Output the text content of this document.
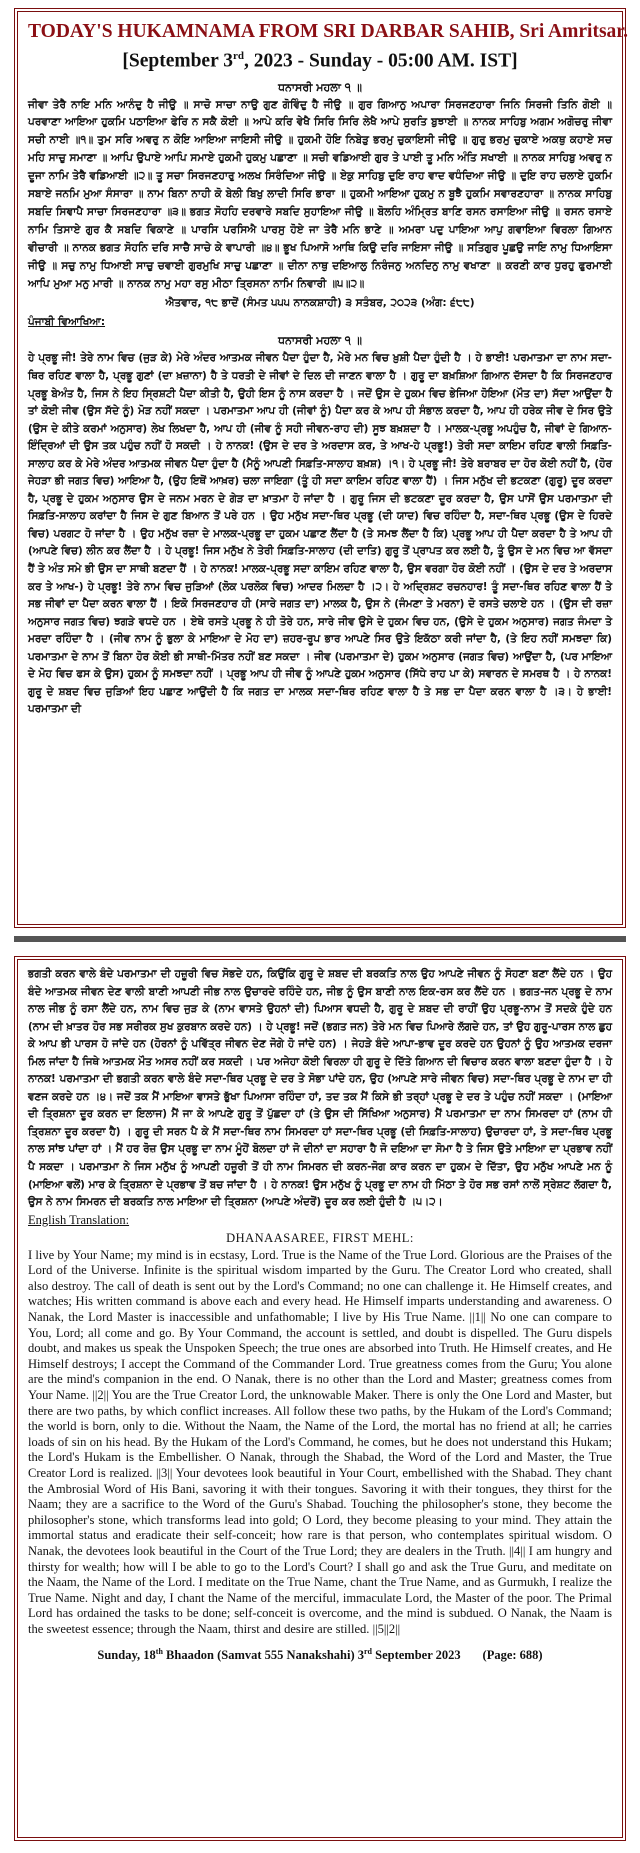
TODAY'S HUKAMNAMA FROM SRI DARBAR SAHIB, Sri Amritsar.
[September 3rd, 2023 - Sunday - 05:00 AM. IST]
ਧਨਾਸਰੀ ਮਹਲਾ ੧ ॥

ਜੀਵਾ ਤੇਰੈ ਨਾਇ ਮਨਿ ਆਨੰਦੁ ਹੈ ਜੀਉ ॥ ਸਾਚੋ ਸਾਚਾ ਨਾਉ ਗੁਣ ਗੋਵਿੰਦੁ ਹੈ ਜੀਉ ॥ ਗੁਰ ਗਿਆਨੁ ਅਪਾਰਾ ਸਿਰਜਣਹਾਰਾ ਜਿਨਿ ਸਿਰਜੀ ਤਿਨਿ ਗੋਈ ॥ ਪਰਵਾਣਾ ਆਇਆ ਹੁਕਮਿ ਪਠਾਇਆ ਫੇਰਿ ਨ ਸਕੈ ਕੋਈ ॥ ਆਪੇ ਕਰਿ ਵੇਖੈ ਸਿਰਿ ਸਿਰਿ ਲੇਖੈ ਆਪੇ ਸੁਰਤਿ ਬੁਝਾਈ ॥ ਨਾਨਕ ਸਾਹਿਬੁ ਅਗਮ ਅਗੋਚਰੁ ਜੀਵਾ ਸਚੀ ਨਾਈ ॥੧॥ ਤੁਮ ਸਰਿ ਅਵਰੁ ਨ ਕੋਇ ਆਇਆ ਜਾਇਸੀ ਜੀਉ ॥ ਹੁਕਮੀ ਹੋਇ ਨਿਬੇੜੁ ਭਰਮੁ ਚੁਕਾਇਸੀ ਜੀਉ ॥ ਗੁਰੁ ਭਰਮੁ ਚੁਕਾਏ ਅਕਥੁ ਕਹਾਏ ਸਚ ਮਹਿ ਸਾਚੁ ਸਮਾਣਾ ॥ ਆਪਿ ਉਪਾਏ ਆਪਿ ਸਮਾਏ ਹੁਕਮੀ ਹੁਕਮੁ ਪਛਾਣਾ ॥ ਸਚੀ ਵਡਿਆਈ ਗੁਰ ਤੇ ਪਾਈ ਤੂ ਮਨਿ ਅੰਤਿ ਸਖਾਈ ॥ ਨਾਨਕ ਸਾਹਿਬੁ ਅਵਰੁ ਨ ਦੂਜਾ ਨਾਮਿ ਤੇਰੈ ਵਡਿਆਈ ॥੨॥ ਤੂ ਸਚਾ ਸਿਰਜਣਹਾਰੁ ਅਲਖ ਸਿਰੰਦਿਆ ਜੀਉ ॥ ਏਕੁ ਸਾਹਿਬੁ ਦੁਇ ਰਾਹ ਵਾਦ ਵਧੰਦਿਆ ਜੀਉ ॥ ਦੁਇ ਰਾਹ ਚਲਾਏ ਹੁਕਮਿ ਸਬਾਏ ਜਨਮਿ ਮੁਆ ਸੰਸਾਰਾ ॥ ਨਾਮ ਬਿਨਾ ਨਾਹੀ ਕੋ ਬੇਲੀ ਬਿਖੁ ਲਾਦੀ ਸਿਰਿ ਭਾਰਾ ॥ ਹੁਕਮੀ ਆਇਆ ਹੁਕਮੁ ਨ ਬੂਝੈ ਹੁਕਮਿ ਸਵਾਰਣਹਾਰਾ ॥ ਨਾਨਕ ਸਾਹਿਬੁ ਸਬਦਿ ਸਿਞਾਪੈ ਸਾਚਾ ਸਿਰਜਣਹਾਰਾ ॥੩॥ ਭਗਤ ਸੋਹਹਿ ਦਰਵਾਰੇ ਸਬਦਿ ਸੁਹਾਇਆ ਜੀਉ ॥ ਬੋਲਹਿ ਅੰਮ੍ਰਿਤ ਬਾਣਿ ਰਸਨ ਰਸਾਇਆ ਜੀਉ ॥ ਰਸਨ ਰਸਾਏ ਨਾਮਿ ਤਿਸਾਏ ਗੁਰ ਕੈ ਸਬਦਿ ਵਿਕਾਣੇ ॥ ਪਾਰਸਿ ਪਰਸਿਐ ਪਾਰਸੁ ਹੋਏ ਜਾ ਤੇਰੈ ਮਨਿ ਭਾਣੇ ॥ ਅਮਰਾ ਪਦੁ ਪਾਇਆ ਆਪੁ ਗਵਾਇਆ ਵਿਰਲਾ ਗਿਆਨ ਵੀਚਾਰੀ ॥ ਨਾਨਕ ਭਗਤ ਸੋਹਨਿ ਦਰਿ ਸਾਚੈ ਸਾਚੇ ਕੇ ਵਾਪਾਰੀ ॥੪॥ ਭੂਖ ਪਿਆਸੋ ਆਥਿ ਕਿਉ ਦਰਿ ਜਾਇਸਾ ਜੀਉ ॥ ਸਤਿਗੁਰ ਪੂਛਉ ਜਾਇ ਨਾਮੁ ਧਿਆਇਸਾ ਜੀਉ ॥ ਸਚੁ ਨਾਮੁ ਧਿਆਈ ਸਾਚੁ ਚਵਾਈ ਗੁਰਮੁਖਿ ਸਾਚੁ ਪਛਾਣਾ ॥ ਦੀਨਾ ਨਾਥੁ ਦਇਆਲੁ ਨਿਰੰਜਨੁ ਅਨਦਿਨੁ ਨਾਮੁ ਵਖਾਣਾ ॥ ਕਰਣੀ ਕਾਰ ਧੁਰਹੁ ਫੁਰਮਾਈ ਆਪਿ ਮੁਆ ਮਨੁ ਮਾਰੀ ॥ ਨਾਨਕ ਨਾਮੁ ਮਹਾ ਰਸੁ ਮੀਠਾ ਤ੍ਰਿਸਨਾ ਨਾਮਿ ਨਿਵਾਰੀ ॥੫॥੨॥

ਐਤਵਾਰ, ੧੮ ਭਾਦੋਂ (ਸੰਮਤ ੫੫੫ ਨਾਨਕਸ਼ਾਹੀ) ੩ ਸਤੰਬਰ, ੨੦੨੩ (ਅੰਗ: ੬੮੮)

ਪੰਜਾਬੀ ਵਿਆਖਿਆ:

ਧਨਾਸਰੀ ਮਹਲਾ ੧ ॥

ਹੇ ਪ੍ਰਭੂ ਜੀ! ਤੇਰੇ ਨਾਮ ਵਿਚ (ਜੁੜ ਕੇ) ਮੇਰੇ ਅੰਦਰ ਆਤਮਕ ਜੀਵਨ ਪੈਦਾ ਹੁੰਦਾ ਹੈ, ਮੇਰੇ ਮਨ ਵਿਚ ਖ਼ੁਸ਼ੀ ਪੈਦਾ ਹੁੰਦੀ ਹੈ । ਹੇ ਭਾਈ! ਪਰਮਾਤਮਾ ਦਾ ਨਾਮ ਸਦਾ-ਥਿਰ ਰਹਿਣ ਵਾਲਾ ਹੈ, ਪ੍ਰਭੂ ਗੁਣਾਂ (ਦਾ ਖ਼ਜ਼ਾਨਾ) ਹੈ ਤੇ ਧਰਤੀ ਦੇ ਜੀਵਾਂ ਦੇ ਦਿਲ ਦੀ ਜਾਣਨ ਵਾਲਾ ਹੈ । ਗੁਰੂ ਦਾ ਬਖ਼ਸ਼ਿਆ ਗਿਆਨ ਦੱਸਦਾ ਹੈ ਕਿ ਸਿਰਜਣਹਾਰ ਪ੍ਰਭੂ ਬੇਅੰਤ ਹੈ, ਜਿਸ ਨੇ ਇਹ ਸ੍ਰਿਸ਼ਟੀ ਪੈਦਾ ਕੀਤੀ ਹੈ, ਉਹੀ ਇਸ ਨੂੰ ਨਾਸ ਕਰਦਾ ਹੈ । ਜਦੋਂ ਉਸ ਦੇ ਹੁਕਮ ਵਿਚ ਭੇਜਿਆ ਹੋਇਆ (ਮੌਤ ਦਾ) ਸੱਦਾ ਆਉਂਦਾ ਹੈ ਤਾਂ ਕੋਈ ਜੀਵ (ਉਸ ਸੱਦੇ ਨੂੰ) ਮੋੜ ਨਹੀਂ ਸਕਦਾ । ਪਰਮਾਤਮਾ ਆਪ ਹੀ (ਜੀਵਾਂ ਨੂੰ) ਪੈਦਾ ਕਰ ਕੇ ਆਪ ਹੀ ਸੰਭਾਲ ਕਰਦਾ ਹੈ, ਆਪ ਹੀ ਹਰੇਕ ਜੀਵ ਦੇ ਸਿਰ ਉਤੇ (ਉਸ ਦੇ ਕੀਤੇ ਕਰਮਾਂ ਅਨੁਸਾਰ) ਲੇਖ ਲਿਖਦਾ ਹੈ, ਆਪ ਹੀ (ਜੀਵ ਨੂੰ ਸਹੀ ਜੀਵਨ-ਰਾਹ ਦੀ) ਸੂਝ ਬਖ਼ਸ਼ਦਾ ਹੈ । ਮਾਲਕ-ਪ੍ਰਭੂ ਅਪਹੁੰਚ ਹੈ, ਜੀਵਾਂ ਦੇ ਗਿਆਨ-ਇੰਦ੍ਰਿਆਂ ਦੀ ਉਸ ਤਕ ਪਹੁੰਚ ਨਹੀਂ ਹੋ ਸਕਦੀ । ਹੇ ਨਾਨਕ! (ਉਸ ਦੇ ਦਰ ਤੇ ਅਰਦਾਸ ਕਰ, ਤੇ ਆਖ-ਹੇ ਪ੍ਰਭੂ!) ਤੇਰੀ ਸਦਾ ਕਾਇਮ ਰਹਿਣ ਵਾਲੀ ਸਿਫ਼ਤਿ-ਸਾਲਾਹ ਕਰ ਕੇ ਮੇਰੇ ਅੰਦਰ ਆਤਮਕ ਜੀਵਨ ਪੈਦਾ ਹੁੰਦਾ ਹੈ (ਮੈਨੂੰ ਆਪਣੀ ਸਿਫ਼ਤਿ-ਸਾਲਾਹ ਬਖ਼ਸ਼) ।੧। ਹੇ ਪ੍ਰਭੂ ਜੀ! ਤੇਰੇ ਬਰਾਬਰ ਦਾ ਹੋਰ ਕੋਈ ਨਹੀਂ ਹੈ, (ਹੋਰ ਜੇਹੜਾ ਭੀ ਜਗਤ ਵਿਚ) ਆਇਆ ਹੈ, (ਉਹ ਇਥੋਂ ਆਖ਼ਰ) ਚਲਾ ਜਾਇਗਾ (ਤੂੰ ਹੀ ਸਦਾ ਕਾਇਮ ਰਹਿਣ ਵਾਲਾ ਹੈਂ) । ਜਿਸ ਮਨੁੱਖ ਦੀ ਭਟਕਣਾ (ਗੁਰੂ) ਦੂਰ ਕਰਦਾ ਹੈ, ਪ੍ਰਭੂ ਦੇ ਹੁਕਮ ਅਨੁਸਾਰ ਉਸ ਦੇ ਜਨਮ ਮਰਨ ਦੇ ਗੇੜ ਦਾ ਖ਼ਾਤਮਾ ਹੋ ਜਾਂਦਾ ਹੈ । ਗੁਰੂ ਜਿਸ ਦੀ ਭਟਕਣਾ ਦੂਰ ਕਰਦਾ ਹੈ, ਉਸ ਪਾਸੋਂ ਉਸ ਪਰਮਾਤਮਾ ਦੀ ਸਿਫ਼ਤਿ-ਸਾਲਾਹ ਕਰਾਂਦਾ ਹੈ ਜਿਸ ਦੇ ਗੁਣ ਬਿਆਨ ਤੋਂ ਪਰੇ ਹਨ । ਉਹ ਮਨੁੱਖ ਸਦਾ-ਥਿਰ ਪ੍ਰਭੂ (ਦੀ ਯਾਦ) ਵਿਚ ਰਹਿੰਦਾ ਹੈ, ਸਦਾ-ਥਿਰ ਪ੍ਰਭੂ (ਉਸ ਦੇ ਹਿਰਦੇ ਵਿਚ) ਪਰਗਟ ਹੋ ਜਾਂਦਾ ਹੈ । ਉਹ ਮਨੁੱਖ ਰਜ਼ਾ ਦੇ ਮਾਲਕ-ਪ੍ਰਭੂ ਦਾ ਹੁਕਮ ਪਛਾਣ ਲੈਂਦਾ ਹੈ (ਤੇ ਸਮਝ ਲੈਂਦਾ ਹੈ ਕਿ) ਪ੍ਰਭੂ ਆਪ ਹੀ ਪੈਦਾ ਕਰਦਾ ਹੈ ਤੇ ਆਪ ਹੀ (ਆਪਣੇ ਵਿਚ) ਲੀਨ ਕਰ ਲੈਂਦਾ ਹੈ । ਹੇ ਪ੍ਰਭੂ! ਜਿਸ ਮਨੁੱਖ ਨੇ ਤੇਰੀ ਸਿਫ਼ਤਿ-ਸਾਲਾਹ (ਦੀ ਦਾਤਿ) ਗੁਰੂ ਤੋਂ ਪ੍ਰਾਪਤ ਕਰ ਲਈ ਹੈ, ਤੂੰ ਉਸ ਦੇ ਮਨ ਵਿਚ ਆ ਵੱਸਦਾ ਹੈਂ ਤੇ ਅੰਤ ਸਮੇ ਭੀ ਉਸ ਦਾ ਸਾਥੀ ਬਣਦਾ ਹੈਂ । ਹੇ ਨਾਨਕ! ਮਾਲਕ-ਪ੍ਰਭੂ ਸਦਾ ਕਾਇਮ ਰਹਿਣ ਵਾਲਾ ਹੈ, ਉਸ ਵਰਗਾ ਹੋਰ ਕੋਈ ਨਹੀਂ । (ਉਸ ਦੇ ਦਰ ਤੇ ਅਰਦਾਸ ਕਰ ਤੇ ਆਖ-) ਹੇ ਪ੍ਰਭੂ! ਤੇਰੇ ਨਾਮ ਵਿਚ ਜੁੜਿਆਂ (ਲੋਕ ਪਰਲੋਕ ਵਿਚ) ਆਦਰ ਮਿਲਦਾ ਹੈ ।੨। ਹੇ ਅਦ੍ਰਿਸ਼ਟ ਰਚਨਹਾਰ! ਤੂੰ ਸਦਾ-ਥਿਰ ਰਹਿਣ ਵਾਲਾ ਹੈਂ ਤੇ ਸਭ ਜੀਵਾਂ ਦਾ ਪੈਦਾ ਕਰਨ ਵਾਲਾ ਹੈਂ । ਇਕੋ ਸਿਰਜਣਹਾਰ ਹੀ (ਸਾਰੇ ਜਗਤ ਦਾ) ਮਾਲਕ ਹੈ, ਉਸ ਨੇ (ਜੰਮਣਾ ਤੇ ਮਰਨਾ) ਦੋ ਰਸਤੇ ਚਲਾਏ ਹਨ । (ਉਸ ਦੀ ਰਜ਼ਾ ਅਨੁਸਾਰ ਜਗਤ ਵਿਚ) ਝਗੜੇ ਵਧਦੇ ਹਨ । ਏਥੇ ਰਸਤੇ ਪ੍ਰਭੂ ਨੇ ਹੀ ਤੋਰੇ ਹਨ, ਸਾਰੇ ਜੀਵ ਉਸੇ ਦੇ ਹੁਕਮ ਵਿਚ ਹਨ, (ਉਸੇ ਦੇ ਹੁਕਮ ਅਨੁਸਾਰ) ਜਗਤ ਜੰਮਦਾ ਤੇ ਮਰਦਾ ਰਹਿੰਦਾ ਹੈ । (ਜੀਵ ਨਾਮ ਨੂੰ ਭੁਲਾ ਕੇ ਮਾਇਆ ਦੇ ਮੋਹ ਦਾ) ਜ਼ਹਰ-ਰੂਪ ਭਾਰ ਆਪਣੇ ਸਿਰ ਉਤੇ ਇਕੱਠਾ ਕਰੀ ਜਾਂਦਾ ਹੈ, (ਤੇ ਇਹ ਨਹੀਂ ਸਮਝਦਾ ਕਿ) ਪਰਮਾਤਮਾ ਦੇ ਨਾਮ ਤੋਂ ਬਿਨਾ ਹੋਰ ਕੋਈ ਭੀ ਸਾਥੀ-ਮਿੱਤਰ ਨਹੀਂ ਬਣ ਸਕਦਾ । ਜੀਵ (ਪਰਮਾਤਮਾ ਦੇ) ਹੁਕਮ ਅਨੁਸਾਰ (ਜਗਤ ਵਿਚ) ਆਉਂਦਾ ਹੈ, (ਪਰ ਮਾਇਆ ਦੇ ਮੋਹ ਵਿਚ ਫਸ ਕੇ ਉਸ) ਹੁਕਮ ਨੂੰ ਸਮਝਦਾ ਨਹੀਂ । ਪ੍ਰਭੂ ਆਪ ਹੀ ਜੀਵ ਨੂੰ ਆਪਣੇ ਹੁਕਮ ਅਨੁਸਾਰ (ਸਿੱਧੇ ਰਾਹ ਪਾ ਕੇ) ਸਵਾਰਨ ਦੇ ਸਮਰਥ ਹੈ । ਹੇ ਨਾਨਕ! ਗੁਰੂ ਦੇ ਸ਼ਬਦ ਵਿਚ ਜੁੜਿਆਂ ਇਹ ਪਛਾਣ ਆਉਂਦੀ ਹੈ ਕਿ ਜਗਤ ਦਾ ਮਾਲਕ ਸਦਾ-ਥਿਰ ਰਹਿਣ ਵਾਲਾ ਹੈ ਤੇ ਸਭ ਦਾ ਪੈਦਾ ਕਰਨ ਵਾਲਾ ਹੈ ।੩। ਹੇ ਭਾਈ! ਪਰਮਾਤਮਾ ਦੀ

ਭਗਤੀ ਕਰਨ ਵਾਲੇ ਬੰਦੇ ਪਰਮਾਤਮਾ ਦੀ ਹਜ਼ੂਰੀ ਵਿਚ ਸੋਭਦੇ ਹਨ, ਕਿਉਂਕਿ ਗੁਰੂ ਦੇ ਸ਼ਬਦ ਦੀ ਬਰਕਤਿ ਨਾਲ ਉਹ ਆਪਣੇ ਜੀਵਨ ਨੂੰ ਸੋਹਣਾ ਬਣਾ ਲੈਂਦੇ ਹਨ । ਉਹ ਬੰਦੇ ਆਤਮਕ ਜੀਵਨ ਦੇਣ ਵਾਲੀ ਬਾਣੀ ਆਪਣੀ ਜੀਭ ਨਾਲ ਉਚਾਰਦੇ ਰਹਿੰਦੇ ਹਨ, ਜੀਭ ਨੂੰ ਉਸ ਬਾਣੀ ਨਾਲ ਇਕ-ਰਸ ਕਰ ਲੈਂਦੇ ਹਨ । ਭਗਤ-ਜਨ ਪ੍ਰਭੂ ਦੇ ਨਾਮ ਨਾਲ ਜੀਭ ਨੂੰ ਰਸਾ ਲੈਂਦੇ ਹਨ, ਨਾਮ ਵਿਚ ਜੁੜ ਕੇ (ਨਾਮ ਵਾਸਤੇ ਉਹਨਾਂ ਦੀ) ਪਿਆਸ ਵਧਦੀ ਹੈ, ਗੁਰੂ ਦੇ ਸ਼ਬਦ ਦੀ ਰਾਹੀਂ ਉਹ ਪ੍ਰਭੂ-ਨਾਮ ਤੋਂ ਸਦਕੇ ਹੁੰਦੇ ਹਨ (ਨਾਮ ਦੀ ਖ਼ਾਤਰ ਹੋਰ ਸਭ ਸਰੀਰਕ ਸੁਖ ਕੁਰਬਾਨ ਕਰਦੇ ਹਨ) । ਹੇ ਪ੍ਰਭੂ! ਜਦੋਂ (ਭਗਤ ਜਨ) ਤੇਰੇ ਮਨ ਵਿਚ ਪਿਆਰੇ ਲੱਗਦੇ ਹਨ, ਤਾਂ ਉਹ ਗੁਰੂ-ਪਾਰਸ ਨਾਲ ਛੁਹ ਕੇ ਆਪ ਭੀ ਪਾਰਸ ਹੋ ਜਾਂਦੇ ਹਨ (ਹੋਰਨਾਂ ਨੂੰ ਪਵਿੱਤ੍ਰ ਜੀਵਨ ਦੇਣ ਜੋਗੇ ਹੋ ਜਾਂਦੇ ਹਨ) । ਜੇਹੜੇ ਬੰਦੇ ਆਪਾ-ਭਾਵ ਦੂਰ ਕਰਦੇ ਹਨ ਉਹਨਾਂ ਨੂੰ ਉਹ ਆਤਮਕ ਦਰਜਾ ਮਿਲ ਜਾਂਦਾ ਹੈ ਜਿਥੇ ਆਤਮਕ ਮੌਤ ਅਸਰ ਨਹੀਂ ਕਰ ਸਕਦੀ । ਪਰ ਅਜੇਹਾ ਕੋਈ ਵਿਰਲਾ ਹੀ ਗੁਰੂ ਦੇ ਦਿੱਤੇ ਗਿਆਨ ਦੀ ਵਿਚਾਰ ਕਰਨ ਵਾਲਾ ਬਣਦਾ ਹੁੰਦਾ ਹੈ । ਹੇ ਨਾਨਕ! ਪਰਮਾਤਮਾ ਦੀ ਭਗਤੀ ਕਰਨ ਵਾਲੇ ਬੰਦੇ ਸਦਾ-ਥਿਰ ਪ੍ਰਭੂ ਦੇ ਦਰ ਤੇ ਸੋਭਾ ਪਾਂਦੇ ਹਨ, ਉਹ (ਆਪਣੇ ਸਾਰੇ ਜੀਵਨ ਵਿਚ) ਸਦਾ-ਥਿਰ ਪ੍ਰਭੂ ਦੇ ਨਾਮ ਦਾ ਹੀ ਵਣਜ ਕਰਦੇ ਹਨ ।੪। ਜਦੋਂ ਤਕ ਮੈਂ ਮਾਇਆ ਵਾਸਤੇ ਭੁੱਖਾ ਪਿਆਸਾ ਰਹਿੰਦਾ ਹਾਂ, ਤਦ ਤਕ ਮੈਂ ਕਿਸੇ ਭੀ ਤਰ੍ਹਾਂ ਪ੍ਰਭੂ ਦੇ ਦਰ ਤੇ ਪਹੁੰਚ ਨਹੀਂ ਸਕਦਾ । (ਮਾਇਆ ਦੀ ਤ੍ਰਿਸ਼ਨਾ ਦੂਰ ਕਰਨ ਦਾ ਇਲਾਜ) ਮੈਂ ਜਾ ਕੇ ਆਪਣੇ ਗੁਰੂ ਤੋਂ ਪੁੱਛਦਾ ਹਾਂ (ਤੇ ਉਸ ਦੀ ਸਿੱਖਿਆ ਅਨੁਸਾਰ) ਮੈਂ ਪਰਮਾਤਮਾ ਦਾ ਨਾਮ ਸਿਮਰਦਾ ਹਾਂ (ਨਾਮ ਹੀ ਤ੍ਰਿਸ਼ਨਾ ਦੂਰ ਕਰਦਾ ਹੈ) । ਗੁਰੂ ਦੀ ਸਰਨ ਪੈ ਕੇ ਮੈਂ ਸਦਾ-ਥਿਰ ਨਾਮ ਸਿਮਰਦਾ ਹਾਂ ਸਦਾ-ਥਿਰ ਪ੍ਰਭੂ (ਦੀ ਸਿਫ਼ਤਿ-ਸਾਲਾਹ) ਉਚਾਰਦਾ ਹਾਂ, ਤੇ ਸਦਾ-ਥਿਰ ਪ੍ਰਭੂ ਨਾਲ ਸਾਂਝ ਪਾਂਦਾ ਹਾਂ । ਮੈਂ ਹਰ ਰੋਜ਼ ਉਸ ਪ੍ਰਭੂ ਦਾ ਨਾਮ ਮੂੰਹੋਂ ਬੋਲਦਾ ਹਾਂ ਜੋ ਦੀਨਾਂ ਦਾ ਸਹਾਰਾ ਹੈ ਜੋ ਦਇਆ ਦਾ ਸੋਮਾ ਹੈ ਤੇ ਜਿਸ ਉਤੇ ਮਾਇਆ ਦਾ ਪ੍ਰਭਾਵ ਨਹੀਂ ਪੈ ਸਕਦਾ । ਪਰਮਾਤਮਾ ਨੇ ਜਿਸ ਮਨੁੱਖ ਨੂੰ ਆਪਣੀ ਹਜ਼ੂਰੀ ਤੋਂ ਹੀ ਨਾਮ ਸਿਮਰਨ ਦੀ ਕਰਨ-ਜੋਗ ਕਾਰ ਕਰਨ ਦਾ ਹੁਕਮ ਦੇ ਦਿੱਤਾ, ਉਹ ਮਨੁੱਖ ਆਪਣੇ ਮਨ ਨੂੰ (ਮਾਇਆ ਵਲੋਂ) ਮਾਰ ਕੇ ਤ੍ਰਿਸ਼ਨਾ ਦੇ ਪ੍ਰਭਾਵ ਤੋਂ ਬਚ ਜਾਂਦਾ ਹੈ । ਹੇ ਨਾਨਕ! ਉਸ ਮਨੁੱਖ ਨੂੰ ਪ੍ਰਭੂ ਦਾ ਨਾਮ ਹੀ ਮਿੱਠਾ ਤੇ ਹੋਰ ਸਭ ਰਸਾਂ ਨਾਲੋਂ ਸ੍ਰੇਸ਼ਟ ਲੱਗਦਾ ਹੈ, ਉਸ ਨੇ ਨਾਮ ਸਿਮਰਨ ਦੀ ਬਰਕਤਿ ਨਾਲ ਮਾਇਆ ਦੀ ਤ੍ਰਿਸ਼ਨਾ (ਆਪਣੇ ਅੰਦਰੋਂ) ਦੂਰ ਕਰ ਲਈ ਹੁੰਦੀ ਹੈ ।੫।੨।

English Translation:

DHANAASAREE, FIRST MEHL:

I live by Your Name; my mind is in ecstasy, Lord. True is the Name of the True Lord. Glorious are the Praises of the Lord of the Universe. Infinite is the spiritual wisdom imparted by the Guru. The Creator Lord who created, shall also destroy. The call of death is sent out by the Lord's Command; no one can challenge it. He Himself creates, and watches; His written command is above each and every head. He Himself imparts understanding and awareness. O Nanak, the Lord Master is inaccessible and unfathomable; I live by His True Name. ||1|| No one can compare to You, Lord; all come and go. By Your Command, the account is settled, and doubt is dispelled. The Guru dispels doubt, and makes us speak the Unspoken Speech; the true ones are absorbed into Truth. He Himself creates, and He Himself destroys; I accept the Command of the Commander Lord. True greatness comes from the Guru; You alone are the mind's companion in the end. O Nanak, there is no other than the Lord and Master; greatness comes from Your Name. ||2|| You are the True Creator Lord, the unknowable Maker. There is only the One Lord and Master, but there are two paths, by which conflict increases. All follow these two paths, by the Hukam of the Lord's Command; the world is born, only to die. Without the Naam, the Name of the Lord, the mortal has no friend at all; he carries loads of sin on his head. By the Hukam of the Lord's Command, he comes, but he does not understand this Hukam; the Lord's Hukam is the Embellisher. O Nanak, through the Shabad, the Word of the Lord and Master, the True Creator Lord is realized. ||3|| Your devotees look beautiful in Your Court, embellished with the Shabad. They chant the Ambrosial Word of His Bani, savoring it with their tongues. Savoring it with their tongues, they thirst for the Naam; they are a sacrifice to the Word of the Guru's Shabad. Touching the philosopher's stone, they become the philosopher's stone, which transforms lead into gold; O Lord, they become pleasing to your mind. They attain the immortal status and eradicate their self-conceit; how rare is that person, who contemplates spiritual wisdom. O Nanak, the devotees look beautiful in the Court of the True Lord; they are dealers in the Truth. ||4|| I am hungry and thirsty for wealth; how will I be able to go to the Lord's Court? I shall go and ask the True Guru, and meditate on the Naam, the Name of the Lord. I meditate on the True Name, chant the True Name, and as Gurmukh, I realize the True Name. Night and day, I chant the Name of the merciful, immaculate Lord, the Master of the poor. The Primal Lord has ordained the tasks to be done; self-conceit is overcome, and the mind is subdued. O Nanak, the Naam is the sweetest essence; through the Naam, thirst and desire are stilled. ||5||2||

Sunday, 18th Bhaadon (Samvat 555 Nanakshahi) 3rd September 2023 (Page: 688)
